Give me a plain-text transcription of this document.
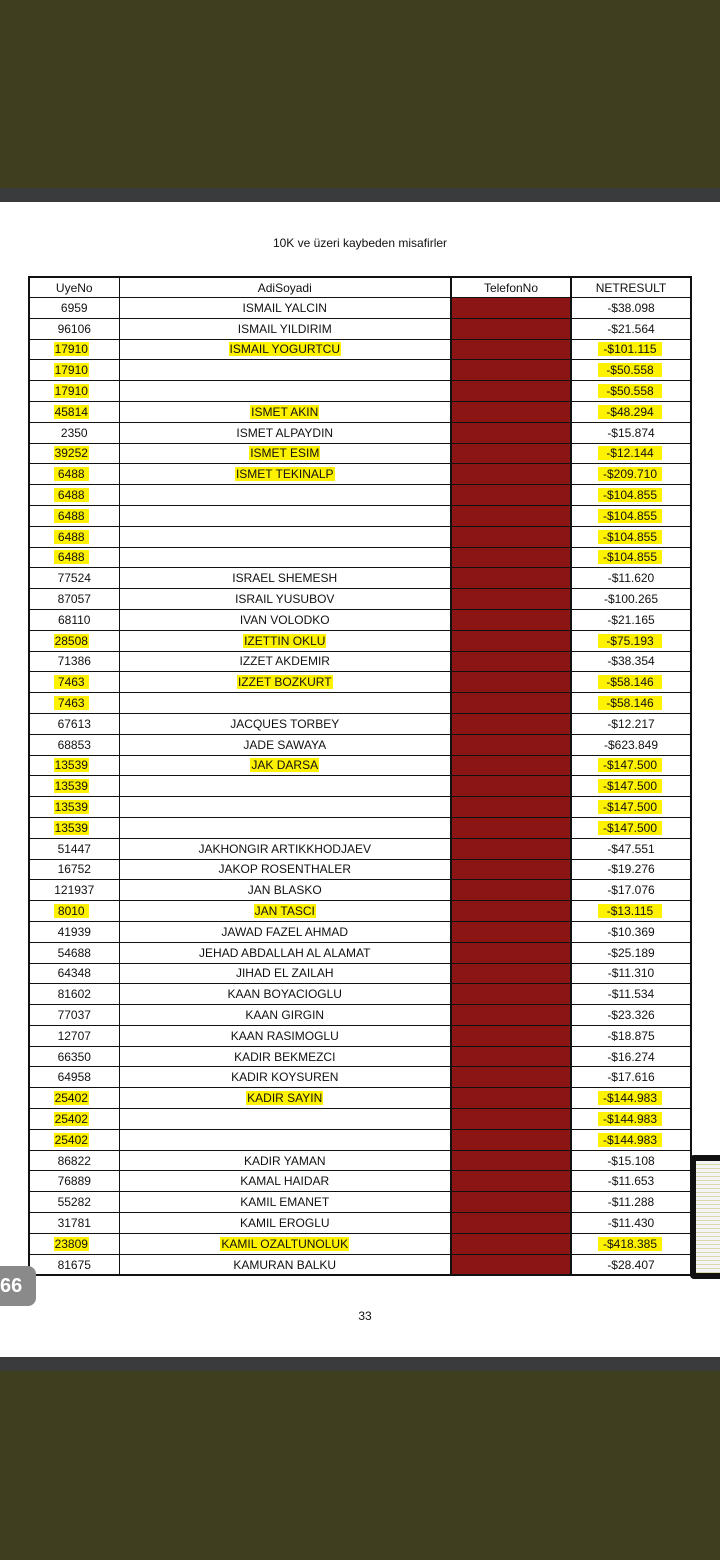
10K ve üzeri kaybeden misafirler
UyeNo	AdiSoyadi	TelefonNo	NETRESULT
6959	ISMAIL YALCIN		-$38.098
96106	ISMAIL YILDIRIM		-$21.564

17910	ISMAIL YOGURTCU		-$101.115

17910			-$50.558

17910			-$50.558

45814	ISMET AKIN		-$48.294

2350	ISMET ALPAYDIN		-$15.874

39252	ISMET ESIM		-$12.144

6488	ISMET TEKINALP		-$209.710

6488			-$104.855

6488			-$104.855

6488			-$104.855

6488			-$104.855

77524	ISRAEL SHEMESH		-$11.620
87057	ISRAIL YUSUBOV		-$100.265
68110	IVAN VOLODKO		-$21.165

28508	IZETTIN OKLU		-$75.193

71386	IZZET AKDEMIR		-$38.354

7463	IZZET BOZKURT		-$58.146

7463			-$58.146

67613	JACQUES TORBEY		-$12.217
68853	JADE SAWAYA		-$623.849

13539	JAK DARSA		-$147.500

13539			-$147.500

13539			-$147.500

13539			-$147.500

51447	JAKHONGIR ARTIKKHODJAEV		-$47.551
16752	JAKOP ROSENTHALER		-$19.276
121937	JAN BLASKO		-$17.076

8010	JAN TASCI		-$13.115

41939	JAWAD FAZEL AHMAD		-$10.369
54688	JEHAD ABDALLAH AL ALAMAT		-$25.189
64348	JIHAD EL ZAILAH		-$11.310
81602	KAAN BOYACIOGLU		-$11.534
77037	KAAN GIRGIN		-$23.326
12707	KAAN RASIMOGLU		-$18.875
66350	KADIR BEKMEZCI		-$16.274
64958	KADIR KOYSUREN		-$17.616

25402	KADIR SAYIN		-$144.983

25402			-$144.983

25402			-$144.983

86822	KADIR YAMAN		-$15.108
76889	KAMAL HAIDAR		-$11.653
55282	KAMIL EMANET		-$11.288
31781	KAMIL EROGLU		-$11.430

23809	KAMIL OZALTUNOLUK		-$418.385

81675	KAMURAN BALKU		-$28.407
33
66
